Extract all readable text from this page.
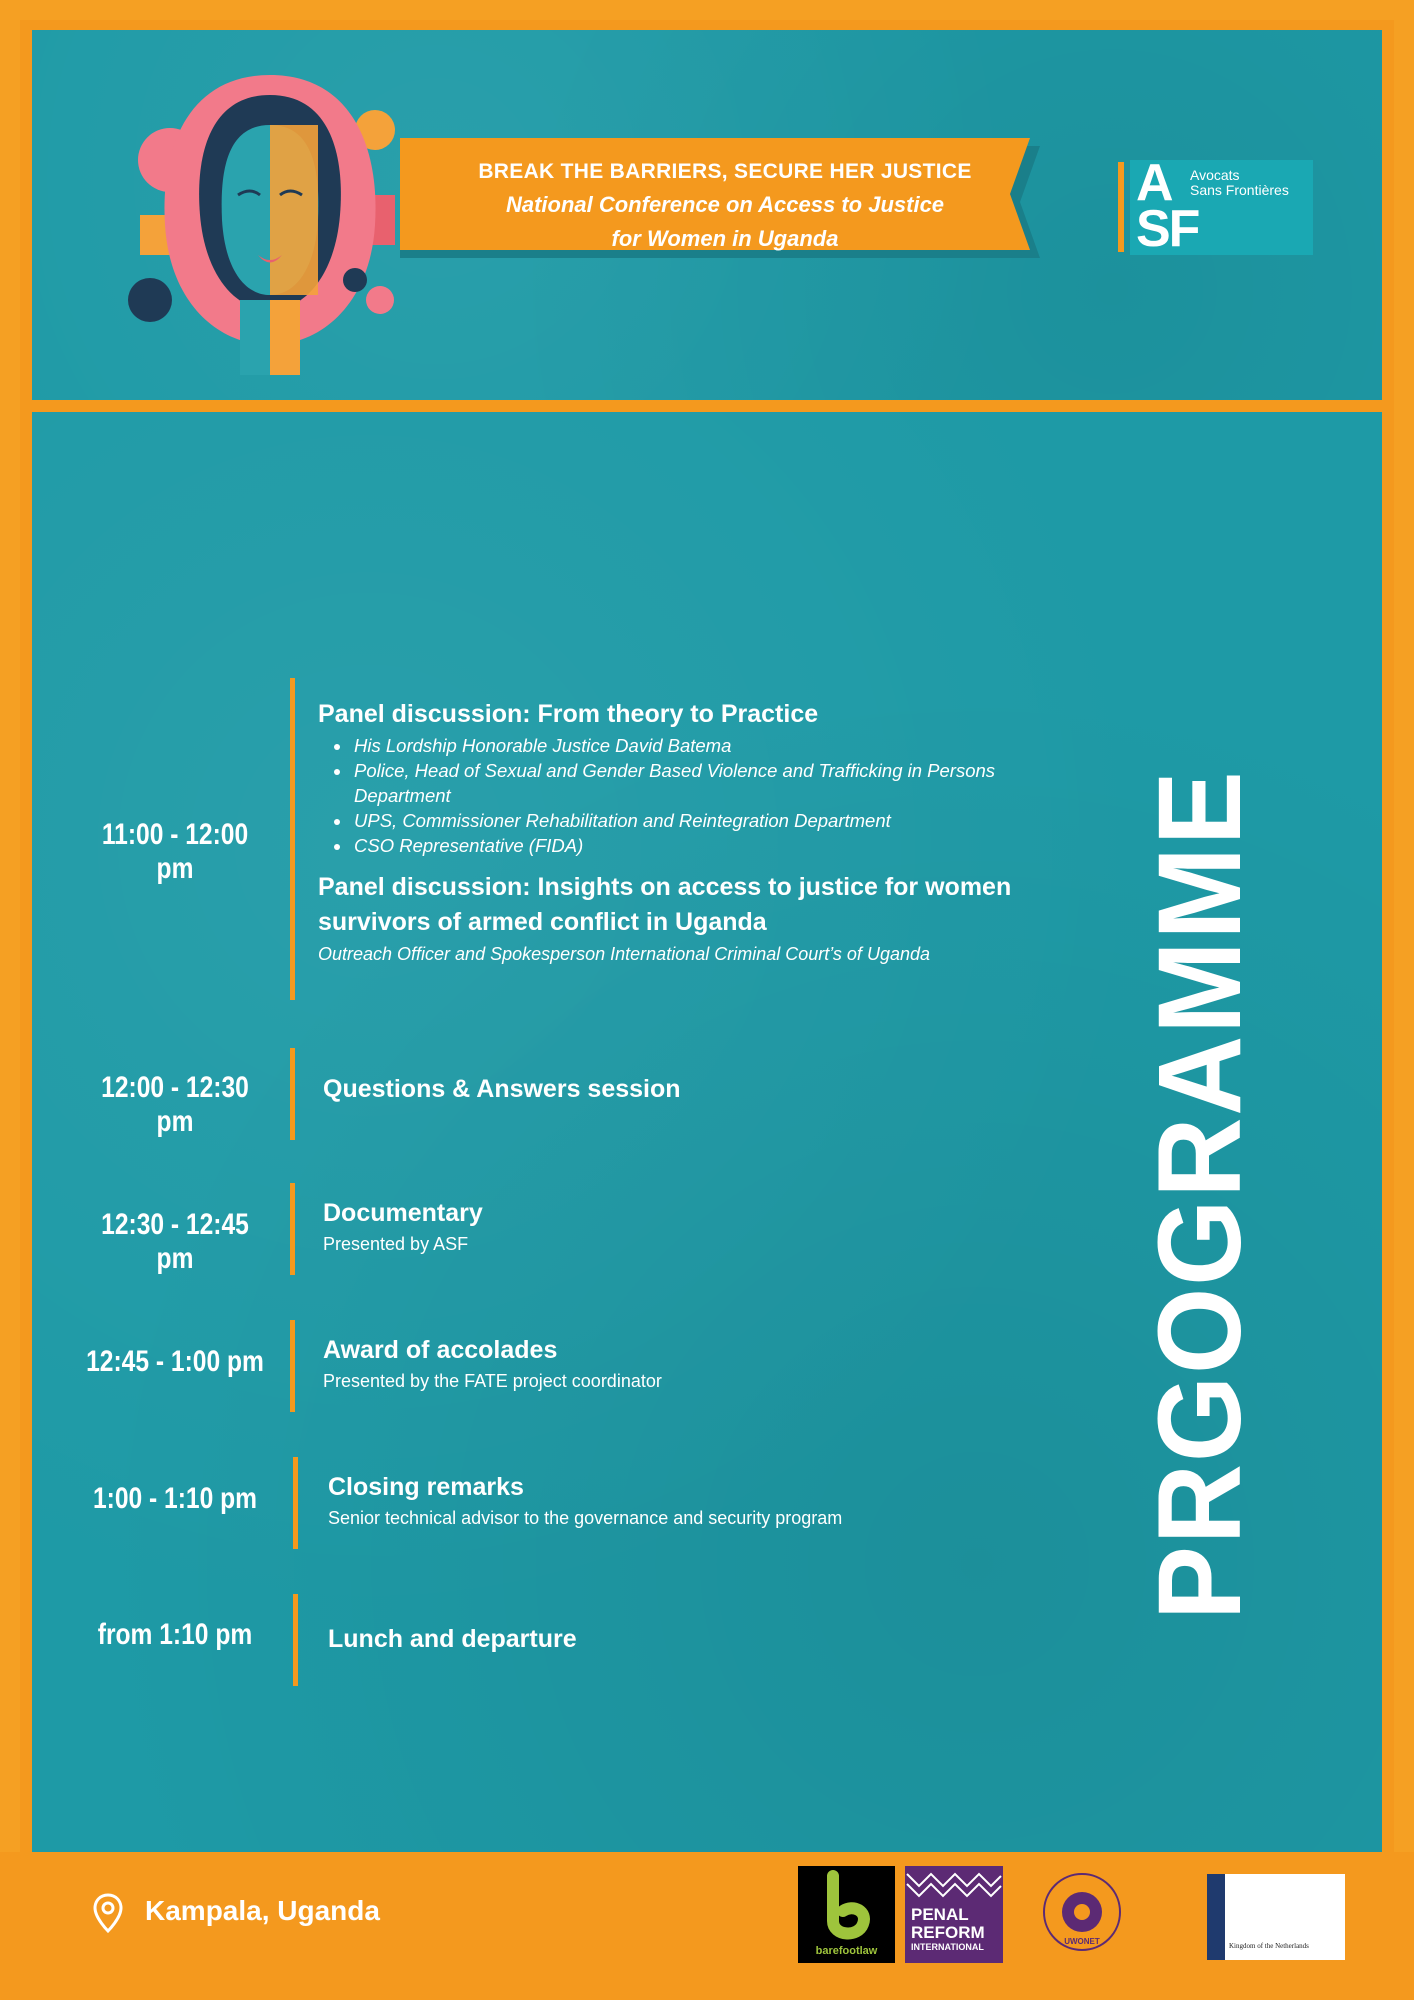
BREAK THE BARRIERS, SECURE HER JUSTICE
National Conference on Access to Justice
for Women in Uganda
A
SF
Avocats
Sans Frontières
11:00 - 12:00 pm
Panel discussion: From theory to Practice
• His Lordship Honorable Justice David Batema
• Police, Head of Sexual and Gender Based Violence and Trafficking in Persons Department
• UPS, Commissioner Rehabilitation and Reintegration Department
• CSO Representative (FIDA)
Panel discussion: Insights on access to justice for women
survivors of armed conflict in Uganda
Outreach Officer and Spokesperson International Criminal Court’s of Uganda
12:00 - 12:30 pm
Questions & Answers session
12:30 - 12:45 pm
Documentary
Presented by ASF
12:45 - 1:00 pm Award of accolades
Presented by the FATE project coordinator
1:00 - 1:10 pm	Closing remarks
Senior technical advisor to the governance and security program
from 1:10 pm	Lunch and departure
PRGOGRAMME
Kampala, Uganda
barefootlaw
PENAL
REFORM
INTERNATIONAL
UWONET	Kingdom of the Netherlands
